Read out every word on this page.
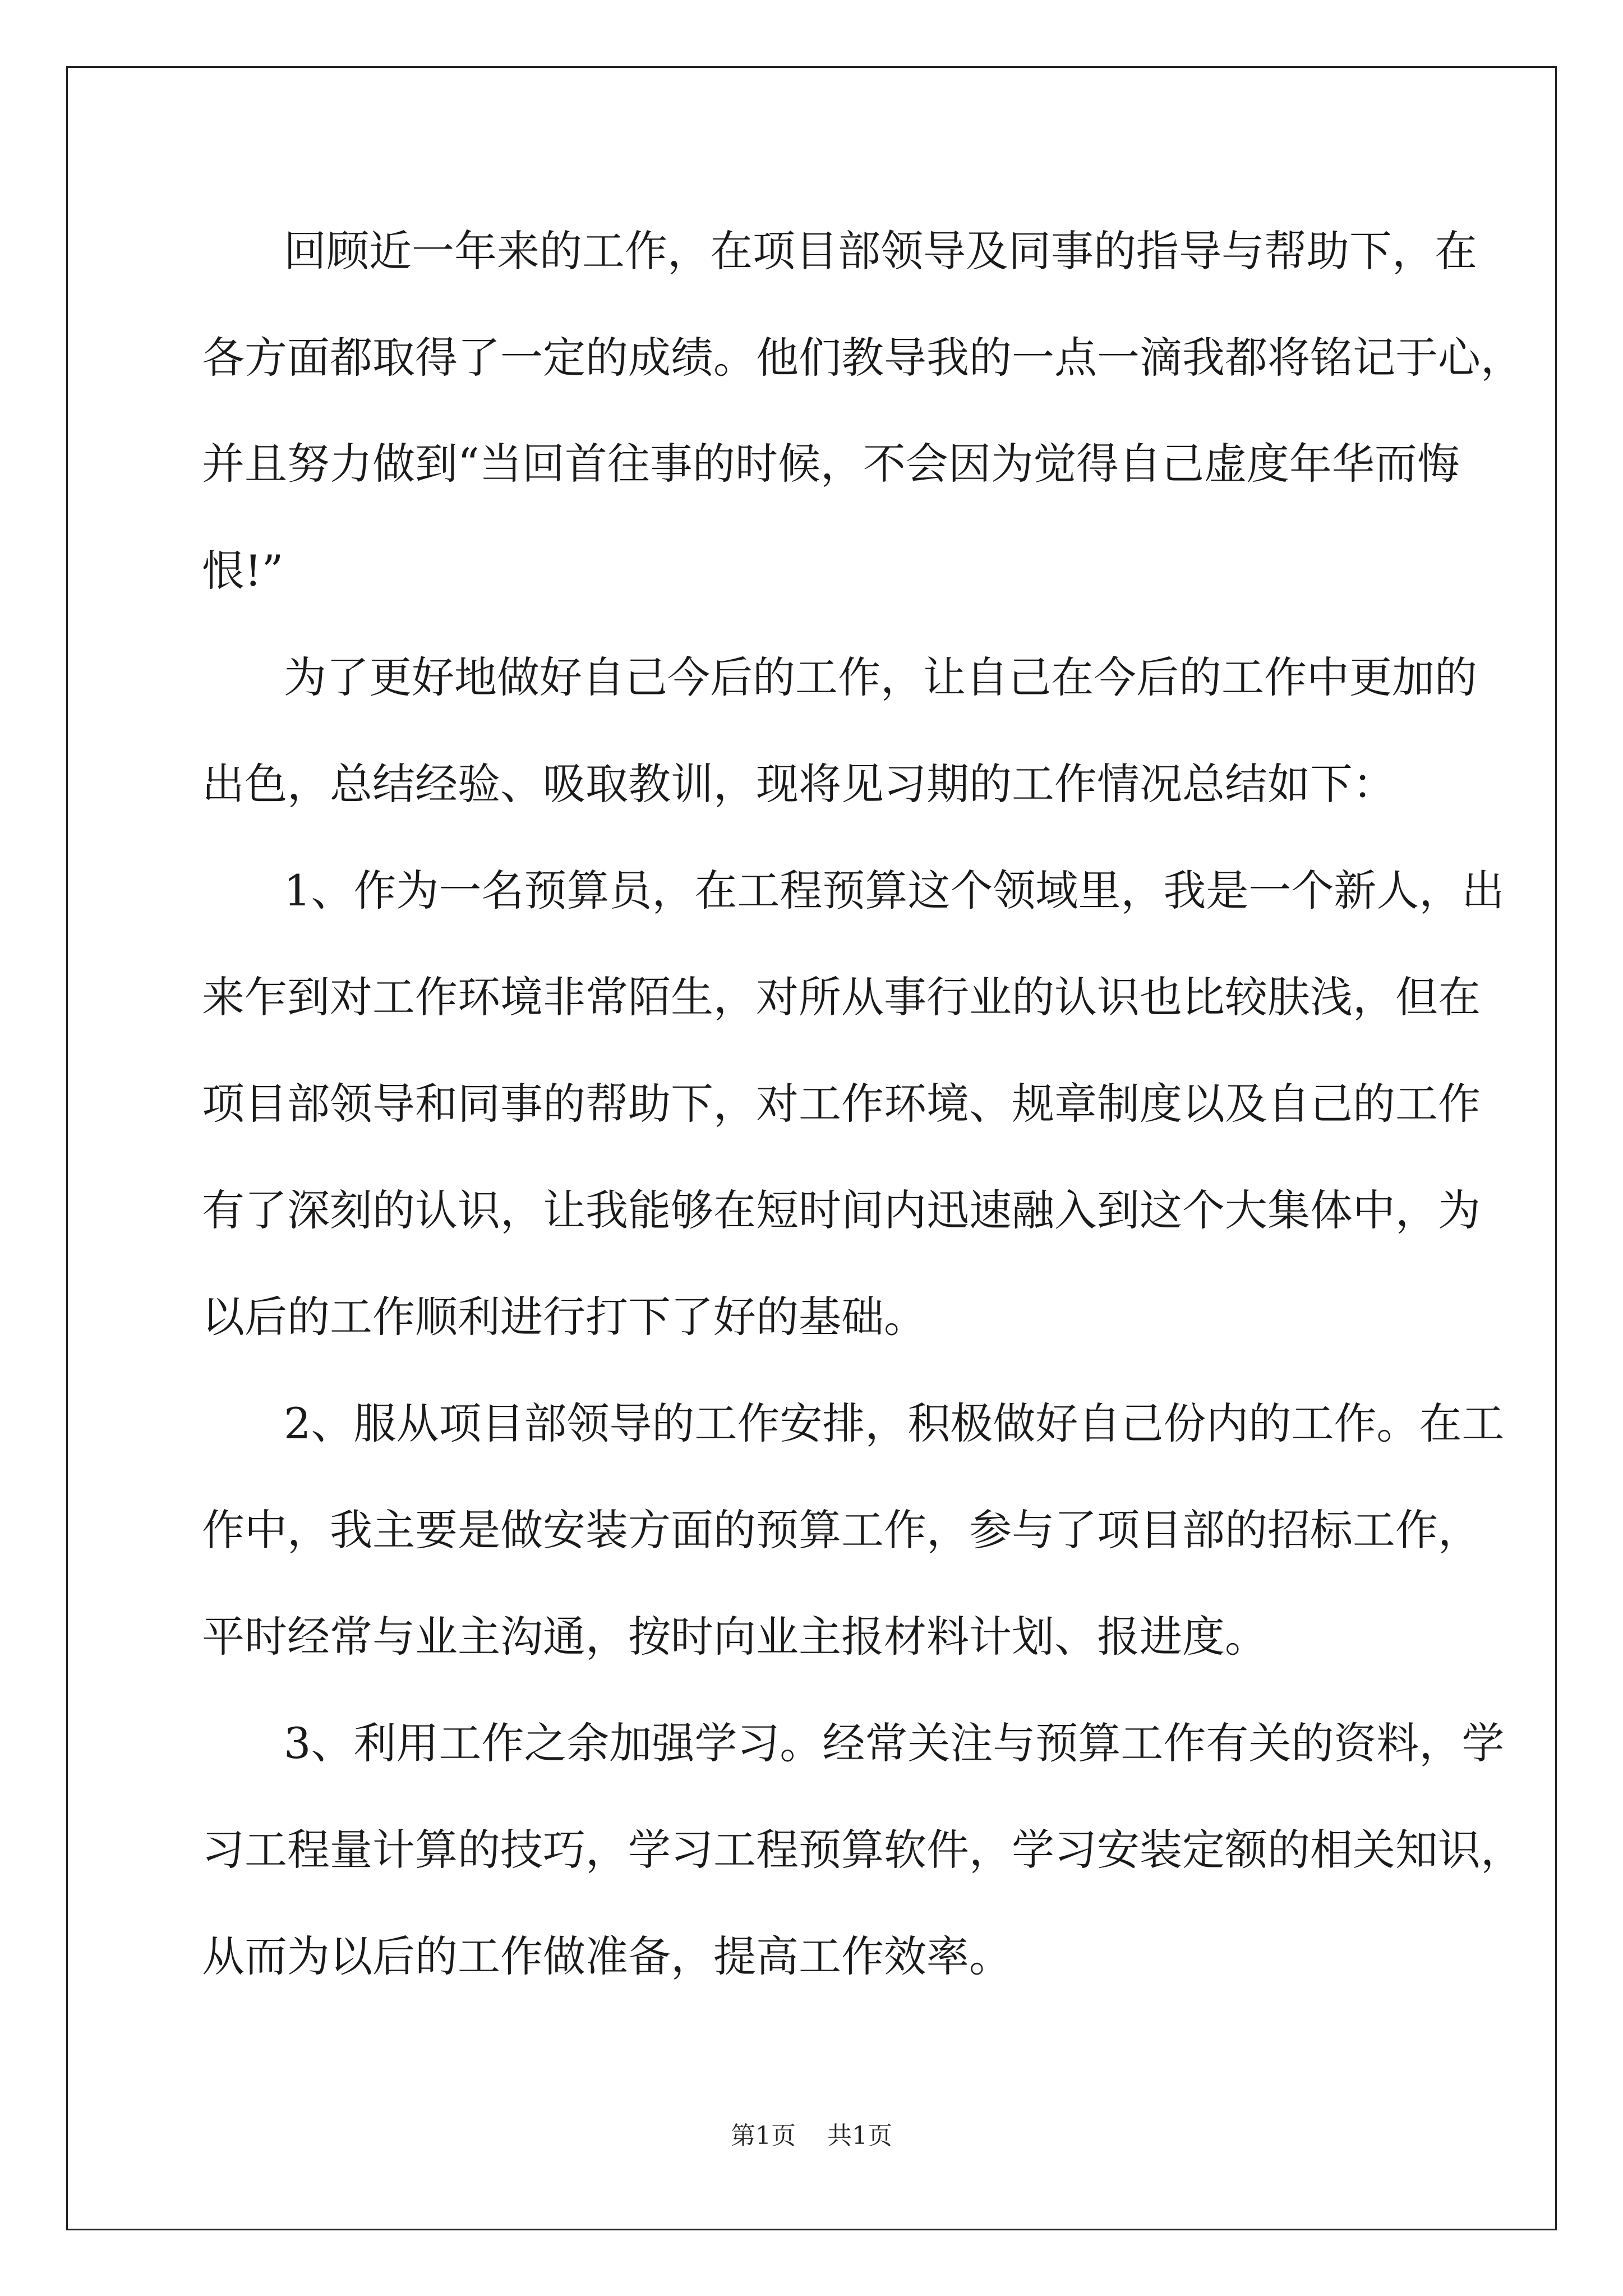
回顾近一年来的工作，在项目部领导及同事的指导与帮助下，在
各方面都取得了一定的成绩。他们教导我的一点一滴我都将铭记于心，
并且努力做到“当回首往事的时候，不会因为觉得自己虚度年华而悔
恨!”
为了更好地做好自己今后的工作，让自己在今后的工作中更加的
出色，总结经验、吸取教训，现将见习期的工作情况总结如下：
1、作为一名预算员，在工程预算这个领域里，我是一个新人，出
来乍到对工作环境非常陌生，对所从事行业的认识也比较肤浅，但在
项目部领导和同事的帮助下，对工作环境、规章制度以及自己的工作
有了深刻的认识，让我能够在短时间内迅速融入到这个大集体中，为
以后的工作顺利进行打下了好的基础。
2、服从项目部领导的工作安排，积极做好自己份内的工作。在工
作中，我主要是做安装方面的预算工作，参与了项目部的招标工作，
平时经常与业主沟通，按时向业主报材料计划、报进度。
3、利用工作之余加强学习。经常关注与预算工作有关的资料，学
习工程量计算的技巧，学习工程预算软件，学习安装定额的相关知识，
从而为以后的工作做准备，提高工作效率。
第1页 共1页
